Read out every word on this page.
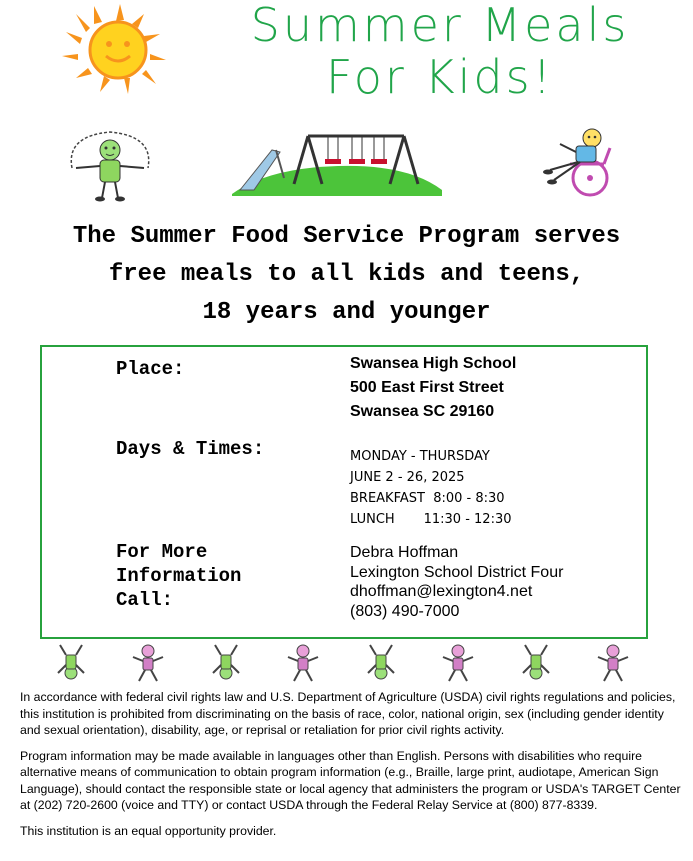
Summer Meals
For Kids!
The Summer Food Service Program serves
free meals to all kids and teens,
18 years and younger
Place:	Swansea High School
500 East First Street
Swansea SC 29160
Days & Times:	MONDAY - THURSDAY
JUNE 2 - 26, 2025
BREAKFAST  8:00 - 8:30
LUNCH       11:30 - 12:30
For More
Information
Call:
Debra Hoffman
Lexington School District Four
dhoffman@lexington4.net
(803) 490-7000

In accordance with federal civil rights law and U.S. Department of Agriculture (USDA) civil rights regulations and policies, this institution is prohibited from discriminating on the basis of race, color, national origin, sex (including gender identity and sexual orientation), disability, age, or reprisal or retaliation for prior civil rights activity.

Program information may be made available in languages other than English. Persons with disabilities who require alternative means of communication to obtain program information (e.g., Braille, large print, audiotape, American Sign Language), should contact the responsible state or local agency that administers the program or USDA's TARGET Center at (202) 720-2600 (voice and TTY) or contact USDA through the Federal Relay Service at (800) 877-8339.

This institution is an equal opportunity provider.
